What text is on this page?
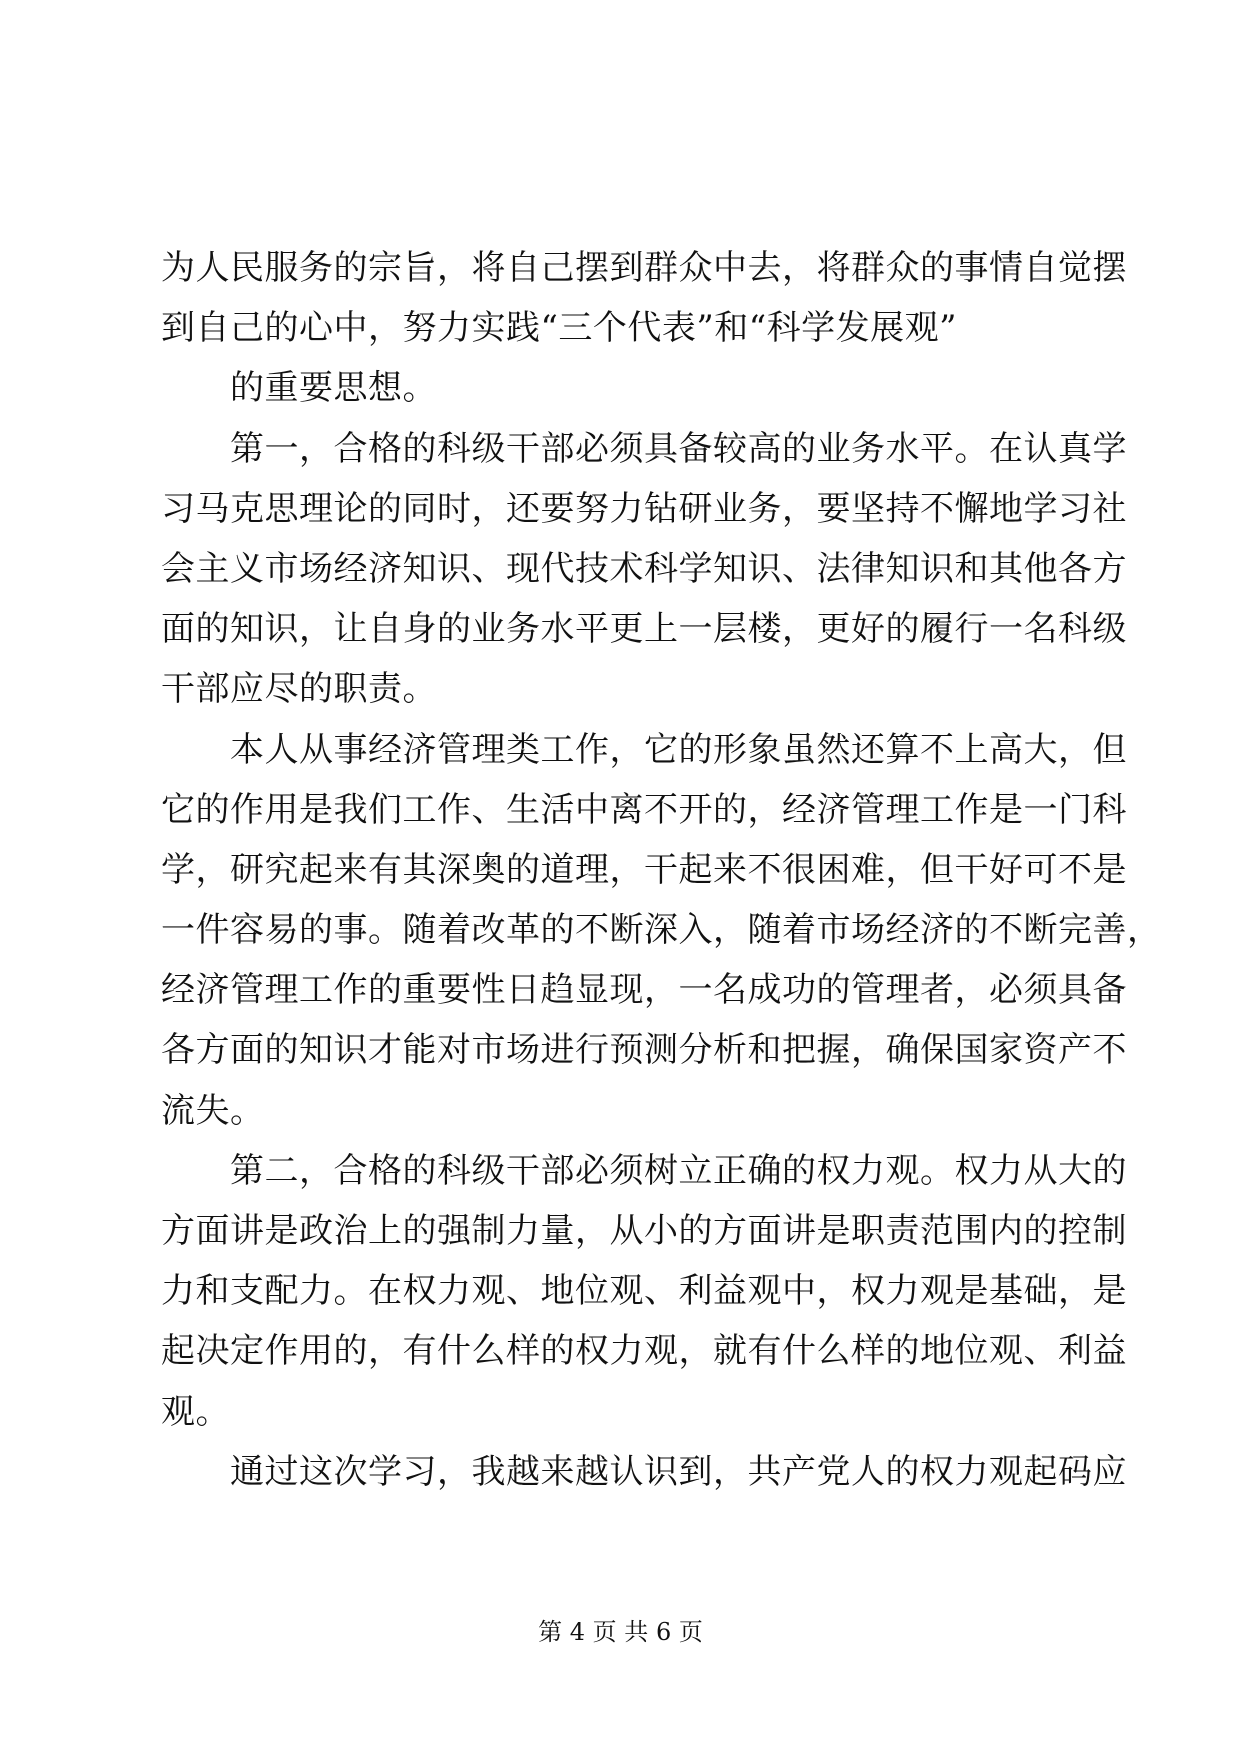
为人民服务的宗旨，将自己摆到群众中去，将群众的事情自觉摆
到自己的心中，努力实践“三个代表”和“科学发展观”
的重要思想。
第一，合格的科级干部必须具备较高的业务水平。在认真学
习马克思理论的同时，还要努力钻研业务，要坚持不懈地学习社
会主义市场经济知识、现代技术科学知识、法律知识和其他各方
面的知识，让自身的业务水平更上一层楼，更好的履行一名科级
干部应尽的职责。
本人从事经济管理类工作，它的形象虽然还算不上高大，但
它的作用是我们工作、生活中离不开的，经济管理工作是一门科
学，研究起来有其深奥的道理，干起来不很困难，但干好可不是
一件容易的事。随着改革的不断深入，随着市场经济的不断完善，
经济管理工作的重要性日趋显现，一名成功的管理者，必须具备
各方面的知识才能对市场进行预测分析和把握，确保国家资产不
流失。
第二，合格的科级干部必须树立正确的权力观。权力从大的
方面讲是政治上的强制力量，从小的方面讲是职责范围内的控制
力和支配力。在权力观、地位观、利益观中，权力观是基础，是
起决定作用的，有什么样的权力观，就有什么样的地位观、利益
观。
通过这次学习，我越来越认识到，共产党人的权力观起码应
第 4 页 共 6 页
